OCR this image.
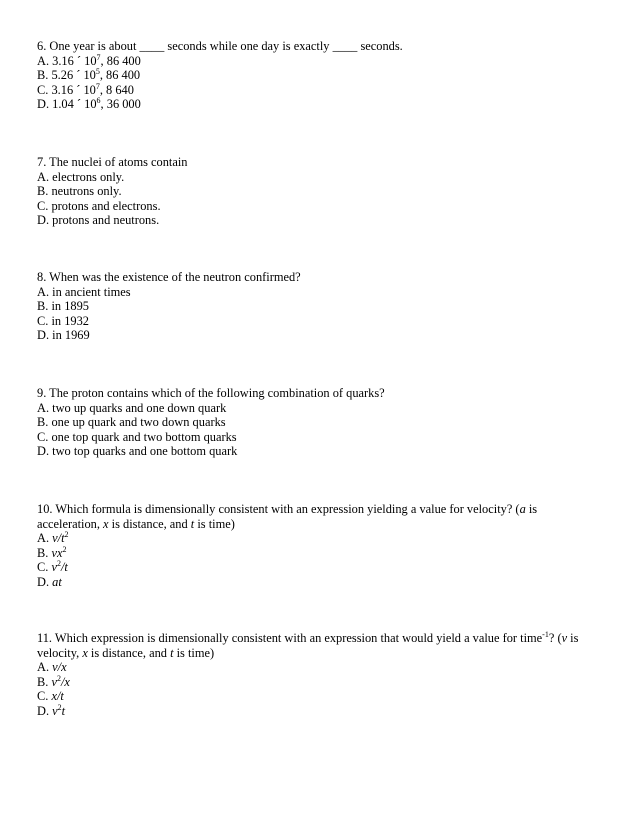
6. One year is about ____ seconds while one day is exactly ____ seconds.
A. 3.16 ´ $10^7$, 86 400
B. 5.26 ´ $10^5$, 86 400
C. 3.16 ´ $10^7$, 8 640
D. 1.04 ´ $10^6$, 36 000
7. The nuclei of atoms contain
A. electrons only.
B. neutrons only.
C. protons and electrons.
D. protons and neutrons.
8. When was the existence of the neutron confirmed?
A. in ancient times
B. in 1895
C. in 1932
D. in 1969
9. The proton contains which of the following combination of quarks?
A. two up quarks and one down quark
B. one up quark and two down quarks
C. one top quark and two bottom quarks
D. two top quarks and one bottom quark
10. Which formula is dimensionally consistent with an expression yielding a value for velocity? (a is acceleration, x is distance, and t is time)
A. $v/t^2$
B. $vx^2$
C. $v^2/t$
D. at
11. Which expression is dimensionally consistent with an expression that would yield a value for time$^{-1}$? (v is velocity, x is distance, and t is time)
A. v/x
B. $v^2/x$
C. x/t
D. $v^2t$
